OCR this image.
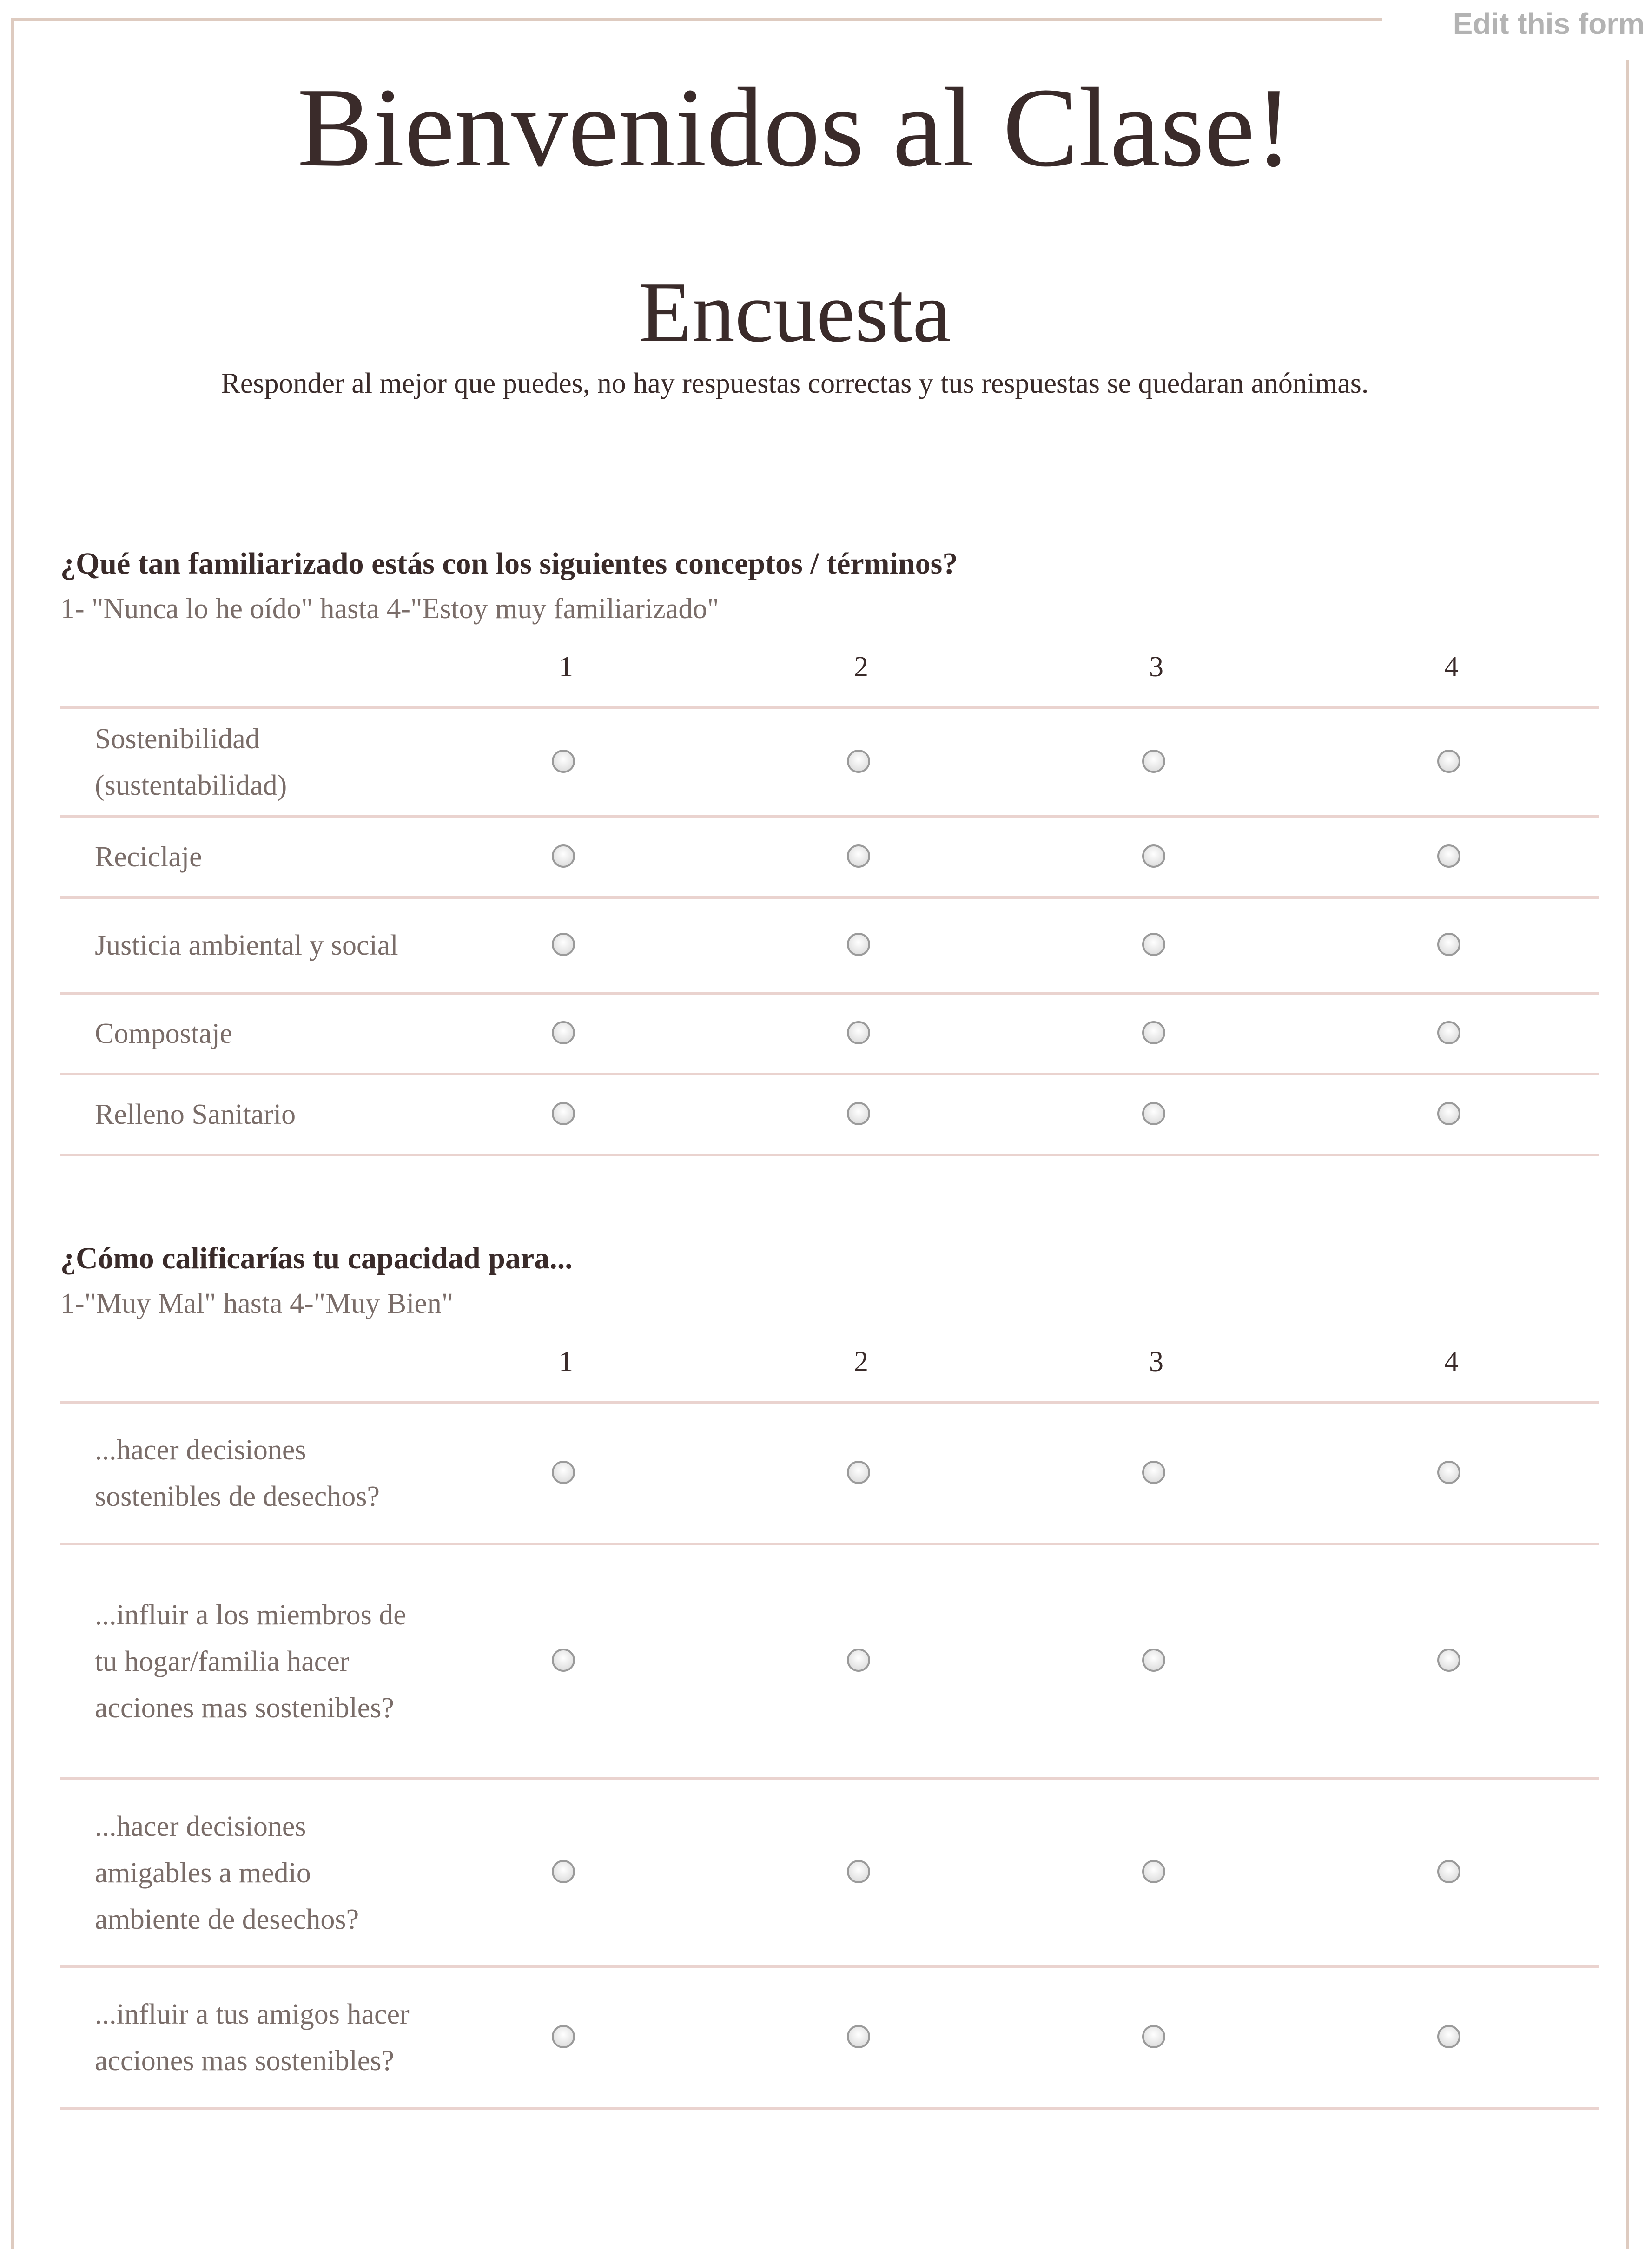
Edit this form
Bienvenidos al Clase!
Encuesta

Responder al mejor que puedes, no hay respuestas correctas y tus respuestas se quedaran anónimas.

¿Qué tan familiarizado estás con los siguientes conceptos / términos?

1- "Nunca lo he oído" hasta 4-"Estoy muy familiarizado"

	1	2	3	4
Sostenibilidad (sustentabilidad)				
Reciclaje				
Justicia ambiental y social				
Compostaje				
Relleno Sanitario				

¿Cómo calificarías tu capacidad para...

1-"Muy Mal" hasta 4-"Muy Bien"

	1	2	3	4
...hacer decisiones sostenibles de desechos?				
...influir a los miembros de tu hogar/familia hacer acciones mas sostenibles?				
...hacer decisiones amigables a medio ambiente de desechos?				
...influir a tus amigos hacer acciones mas sostenibles?				
